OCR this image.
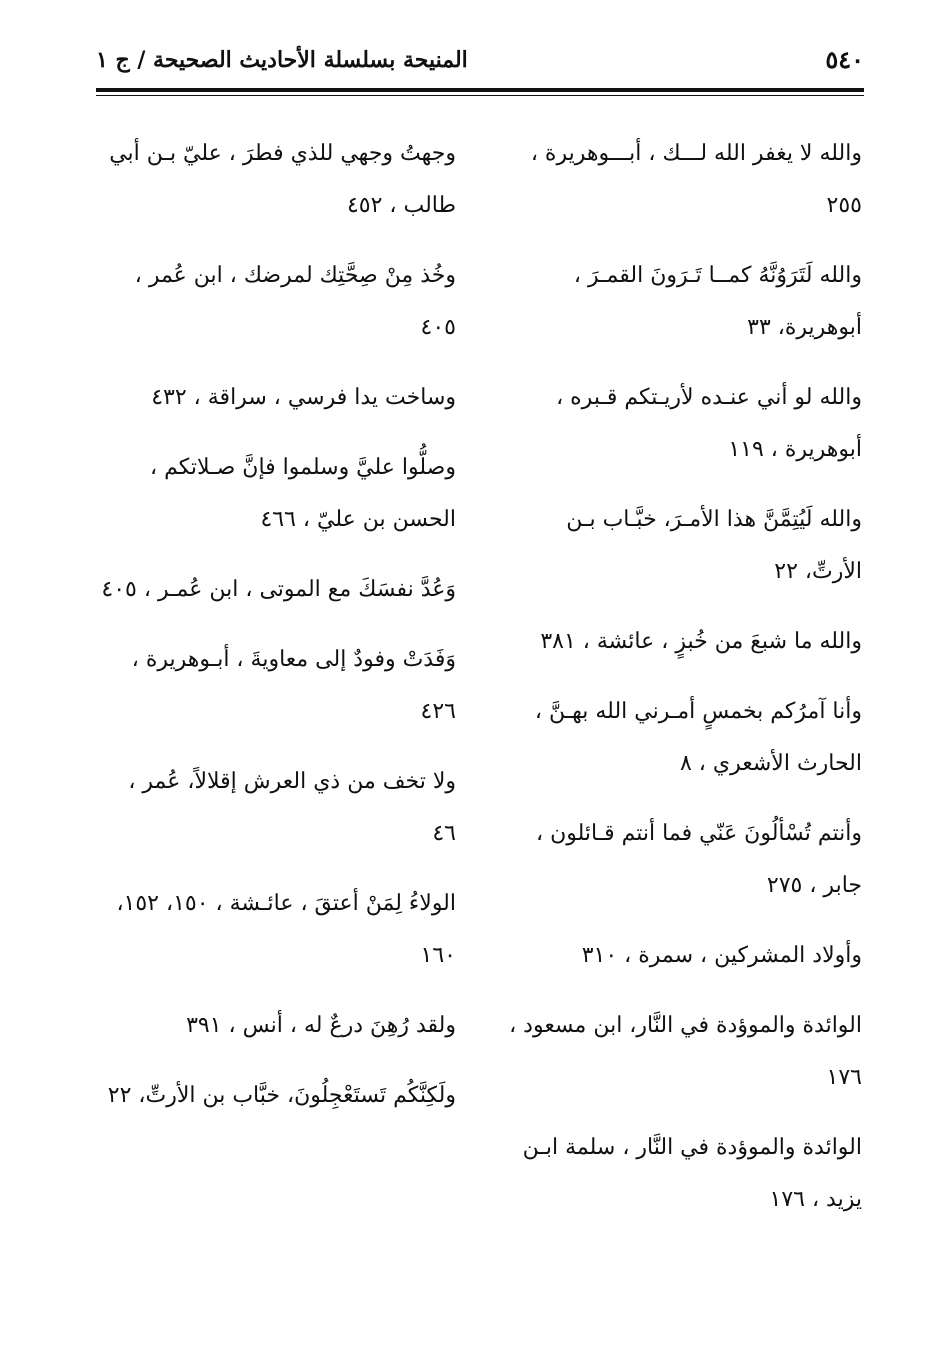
٥٤٠
المنيحة بسلسلة الأحاديث الصحيحة / ج ١
والله لا يغفر الله لـــك ، أبـــوهريرة ، ٢٥٥
والله لَتَرَوُنَّهُ كمــا تَـرَونَ القمـرَ ، أبوهريرة، ٣٣
والله لو أني عنـده لأريـتكم قـبره ، أبوهريرة ، ١١٩
والله لَيُتِمَّنَّ هذا الأمـرَ، خبَّـاب بـن الأرتِّ، ٢٢
والله ما شبعَ من خُبزٍ ، عائشة ، ٣٨١
وأنا آمرُكم بخمسٍ أمـرني الله بهـنَّ ، الحارث الأشعري ، ٨
وأنتم تُسْألُونَ عَنّي فما أنتم قـائلون ، جابر ، ٢٧٥
وأولاد المشركين ، سمرة ، ٣١٠
الوائدة والموؤدة في النَّار، ابن مسعود ، ١٧٦
الوائدة والموؤدة في النَّار ، سلمة ابـن يزيد ، ١٧٦
وجهتُ وجهي للذي فطرَ ، عليّ بـن أبي طالب ، ٤٥٢
وخُذ مِنْ صِحَّتِك لمرضك ، ابن عُمر ، ٤٠٥
وساخت يدا فرسي ، سراقة ، ٤٣٢
وصلُّوا عليَّ وسلموا فإنَّ صـلاتكم ، الحسن بن عليّ ، ٤٦٦
وَعُدَّ نفسَكَ مع الموتى ، ابن عُمـر ، ٤٠٥
وَفَدَتْ وفودٌ إلى معاويةَ ، أبـوهريرة ، ٤٢٦
ولا تخف من ذي العرش إقلالاً، عُمر ، ٤٦
الولاءُ لِمَنْ أعتقَ ، عائـشة ، ١٥٠، ١٥٢، ١٦٠
ولقد رُهِنَ درعٌ له ، أنس ، ٣٩١
ولَكِنَّكُم تَستَعْجِلُونَ، خبَّاب بن الأرتِّ، ٢٢
